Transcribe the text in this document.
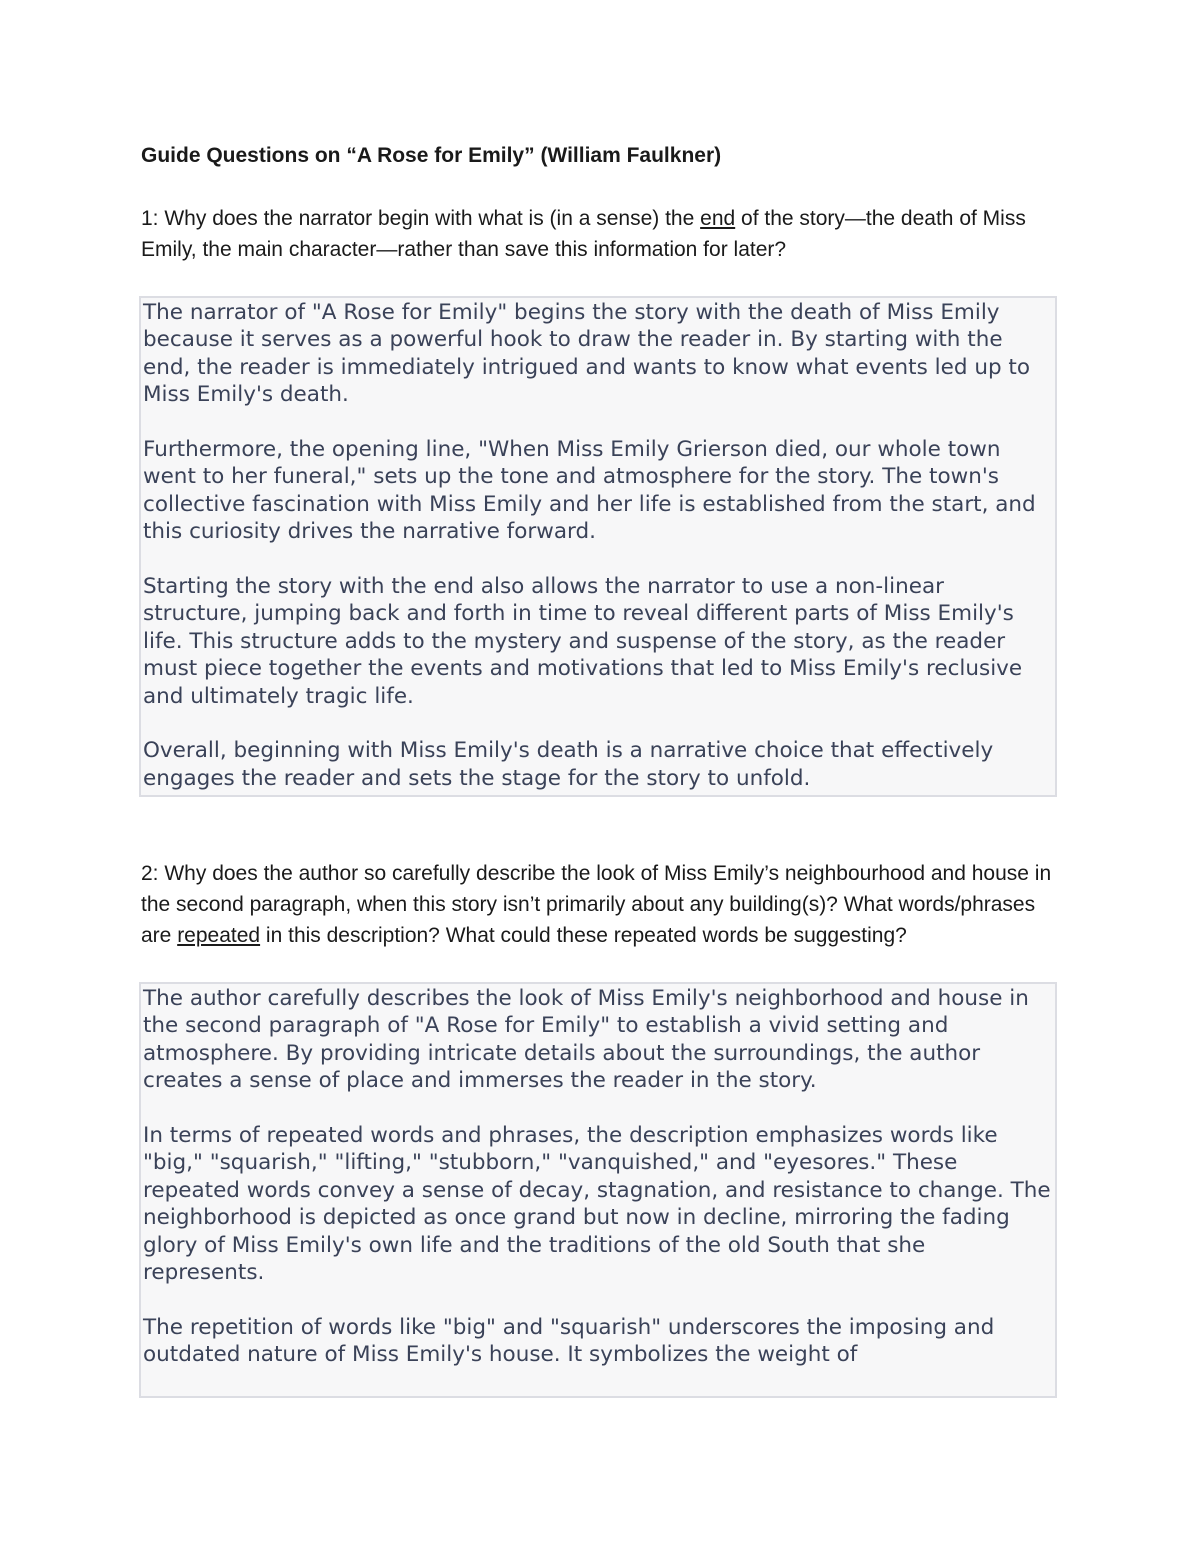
Guide Questions on “A Rose for Emily” (William Faulkner)
1: Why does the narrator begin with what is (in a sense) the end of the story—the death of Miss Emily, the main character—rather than save this information for later?

The narrator of "A Rose for Emily" begins the story with the death of Miss Emily because it serves as a powerful hook to draw the reader in. By starting with the end, the reader is immediately intrigued and wants to know what events led up to Miss Emily's death.

Furthermore, the opening line, "When Miss Emily Grierson died, our whole town went to her funeral," sets up the tone and atmosphere for the story. The town's collective fascination with Miss Emily and her life is established from the start, and this curiosity drives the narrative forward.

Starting the story with the end also allows the narrator to use a non-linear structure, jumping back and forth in time to reveal different parts of Miss Emily's life. This structure adds to the mystery and suspense of the story, as the reader must piece together the events and motivations that led to Miss Emily's reclusive and ultimately tragic life.

Overall, beginning with Miss Emily's death is a narrative choice that effectively engages the reader and sets the stage for the story to unfold.

2: Why does the author so carefully describe the look of Miss Emily’s neighbourhood and house in the second paragraph, when this story isn’t primarily about any building(s)? What words/phrases are repeated in this description? What could these repeated words be suggesting?

The author carefully describes the look of Miss Emily's neighborhood and house in the second paragraph of "A Rose for Emily" to establish a vivid setting and atmosphere. By providing intricate details about the surroundings, the author creates a sense of place and immerses the reader in the story.

In terms of repeated words and phrases, the description emphasizes words like "big," "squarish," "lifting," "stubborn," "vanquished," and "eyesores." These repeated words convey a sense of decay, stagnation, and resistance to change. The neighborhood is depicted as once grand but now in decline, mirroring the fading glory of Miss Emily's own life and the traditions of the old South that she represents.

The repetition of words like "big" and "squarish" underscores the imposing and outdated nature of Miss Emily's house. It symbolizes the weight of
